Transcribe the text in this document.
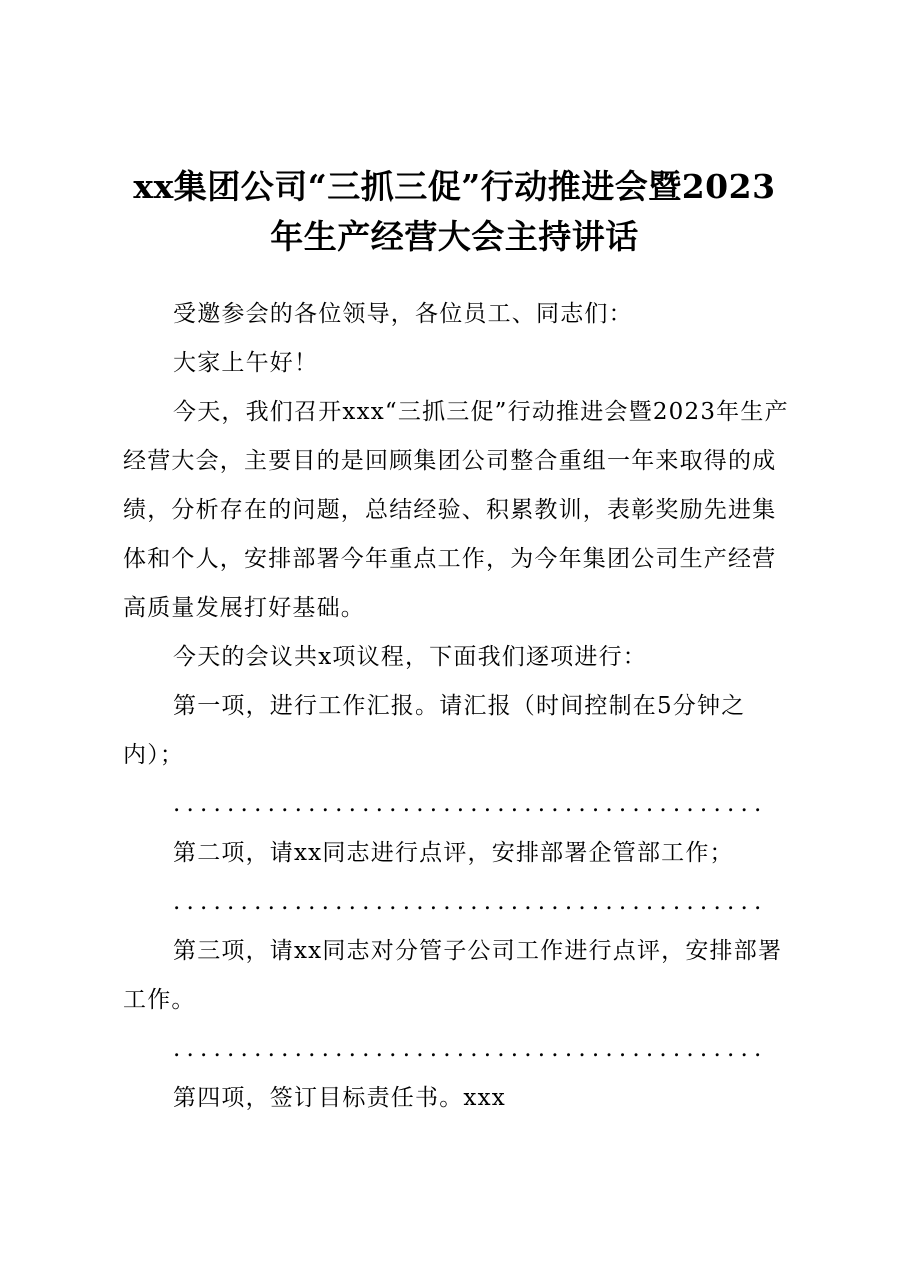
xx集团公司“三抓三促”行动推进会暨2023
年生产经营大会主持讲话

受邀参会的各位领导，各位员工、同志们：

大家上午好！

今天，我们召开xxx“三抓三促”行动推进会暨2023年生产经营大会，主要目的是回顾集团公司整合重组一年来取得的成绩，分析存在的问题，总结经验、积累教训，表彰奖励先进集体和个人，安排部署今年重点工作，为今年集团公司生产经营高质量发展打好基础。

今天的会议共x项议程，下面我们逐项进行：

第一项，进行工作汇报。请汇报（时间控制在5分钟之内）；

............................................

第二项，请xx同志进行点评，安排部署企管部工作；

............................................

第三项，请xx同志对分管子公司工作进行点评，安排部署工作。

............................................

第四项，签订目标责任书。xxx
